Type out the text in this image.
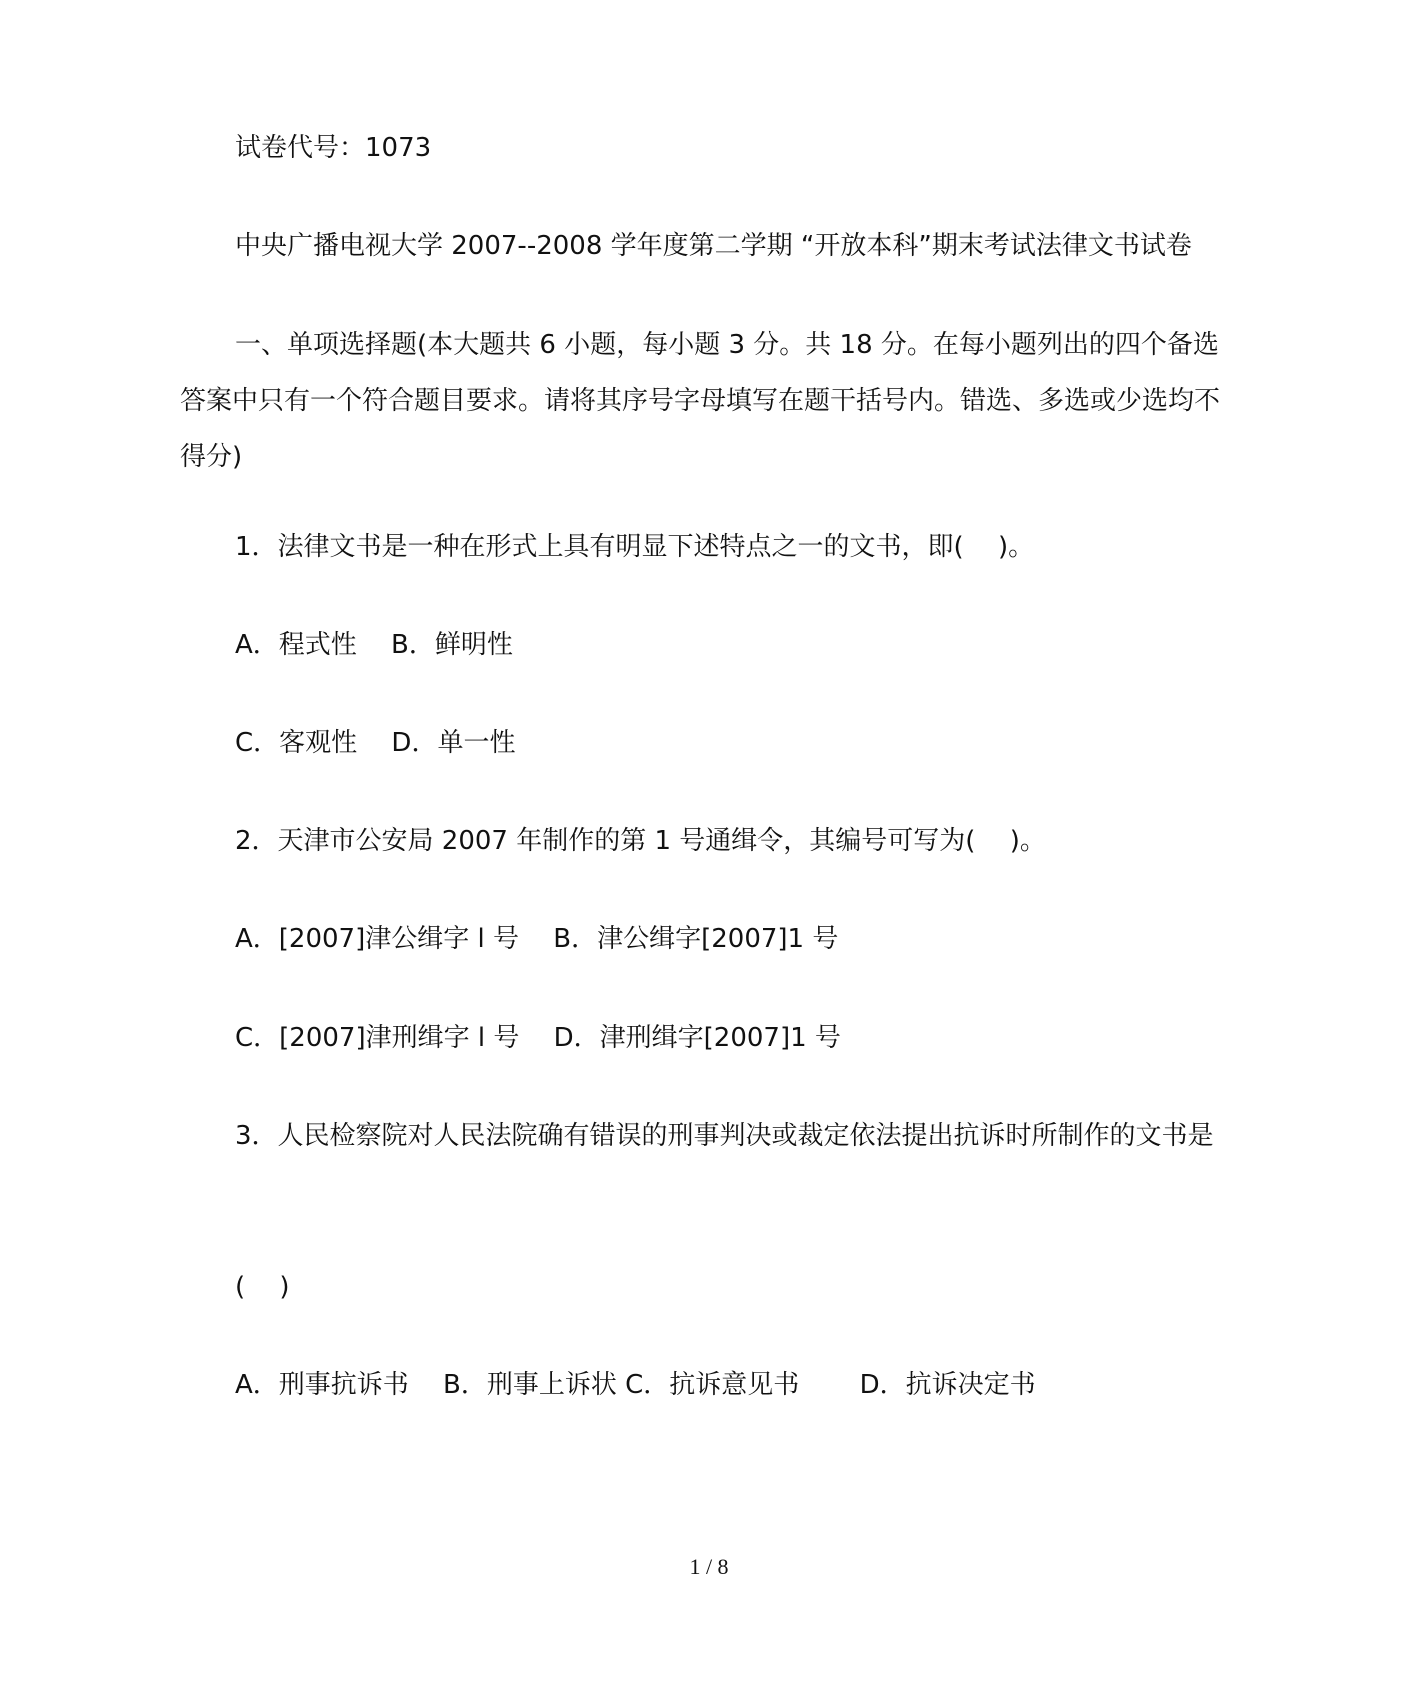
试卷代号：1073
中央广播电视大学 2007--2008 学年度第二学期 “开放本科”期末考试法律文书试卷
一、单项选择题(本大题共 6 小题，每小题 3 分。共 18 分。在每小题列出的四个备选答案中只有一个符合题目要求。请将其序号字母填写在题干括号内。错选、多选或少选均不得分)
1．法律文书是一种在形式上具有明显下述特点之一的文书，即(　 )。
A．程式性　 B．鲜明性
C．客观性　 D．单一性
2．天津市公安局 2007 年制作的第 1 号通缉令，其编号可写为(　 )。
A．[2007]津公缉字 l 号　 B．津公缉字[2007]1 号
C．[2007]津刑缉字 l 号　 D．津刑缉字[2007]1 号
3．人民检察院对人民法院确有错误的刑事判决或裁定依法提出抗诉时所制作的文书是
(　 )
A．刑事抗诉书　 B．刑事上诉状 C．抗诉意见书　　 D．抗诉决定书
1 / 8
